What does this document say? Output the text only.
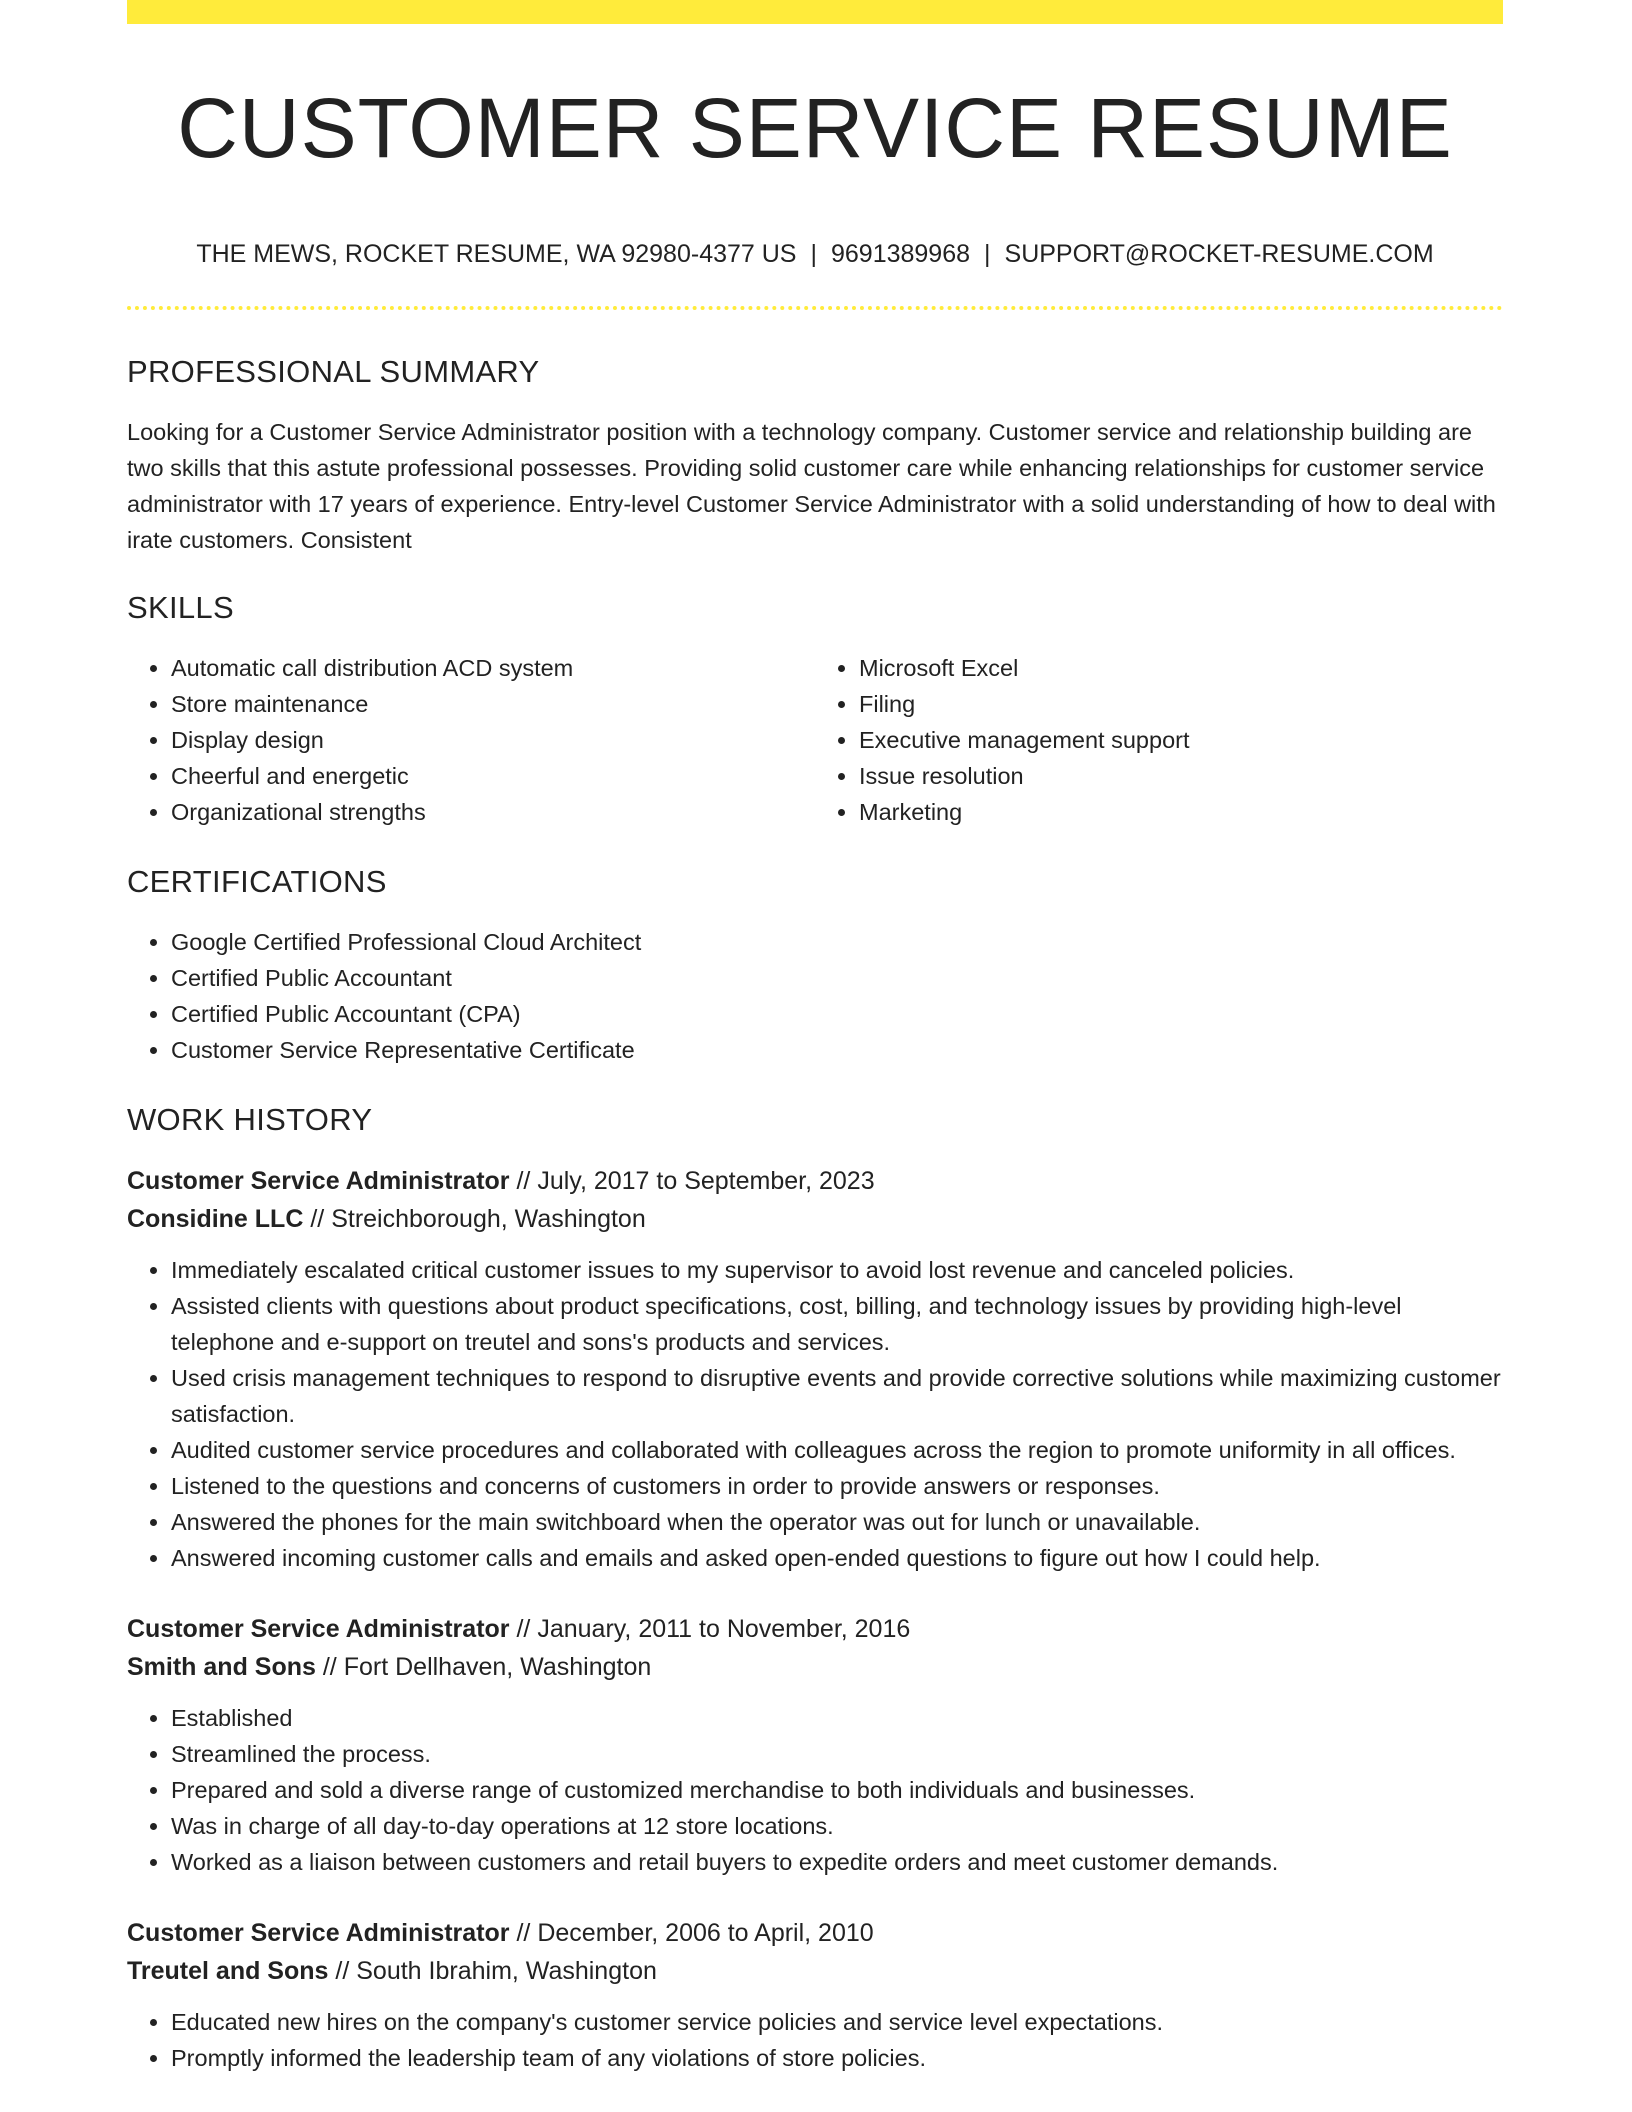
CUSTOMER SERVICE RESUME
THE MEWS, ROCKET RESUME, WA 92980-4377 US | 9691389968 | SUPPORT@ROCKET-RESUME.COM
PROFESSIONAL SUMMARY

Looking for a Customer Service Administrator position with a technology company. Customer service and relationship building are two skills that this astute professional possesses. Providing solid customer care while enhancing relationships for customer service administrator with 17 years of experience. Entry-level Customer Service Administrator with a solid understanding of how to deal with irate customers. Consistent

SKILLS
• Automatic call distribution ACD system
• Store maintenance
• Display design
• Cheerful and energetic
• Organizational strengths
• Microsoft Excel
• Filing
• Executive management support
• Issue resolution
• Marketing
CERTIFICATIONS
• Google Certified Professional Cloud Architect
• Certified Public Accountant
• Certified Public Accountant (CPA)
• Customer Service Representative Certificate
WORK HISTORY
Customer Service Administrator // July, 2017 to September, 2023
Considine LLC // Streichborough, Washington
• Immediately escalated critical customer issues to my supervisor to avoid lost revenue and canceled policies.
• Assisted clients with questions about product specifications, cost, billing, and technology issues by providing high-level telephone and e-support on treutel and sons's products and services.
• Used crisis management techniques to respond to disruptive events and provide corrective solutions while maximizing customer satisfaction.
• Audited customer service procedures and collaborated with colleagues across the region to promote uniformity in all offices.
• Listened to the questions and concerns of customers in order to provide answers or responses.
• Answered the phones for the main switchboard when the operator was out for lunch or unavailable.
• Answered incoming customer calls and emails and asked open-ended questions to figure out how I could help.
Customer Service Administrator // January, 2011 to November, 2016
Smith and Sons // Fort Dellhaven, Washington
• Established
• Streamlined the process.
• Prepared and sold a diverse range of customized merchandise to both individuals and businesses.
• Was in charge of all day-to-day operations at 12 store locations.
• Worked as a liaison between customers and retail buyers to expedite orders and meet customer demands.
Customer Service Administrator // December, 2006 to April, 2010
Treutel and Sons // South Ibrahim, Washington
• Educated new hires on the company's customer service policies and service level expectations.
• Promptly informed the leadership team of any violations of store policies.
